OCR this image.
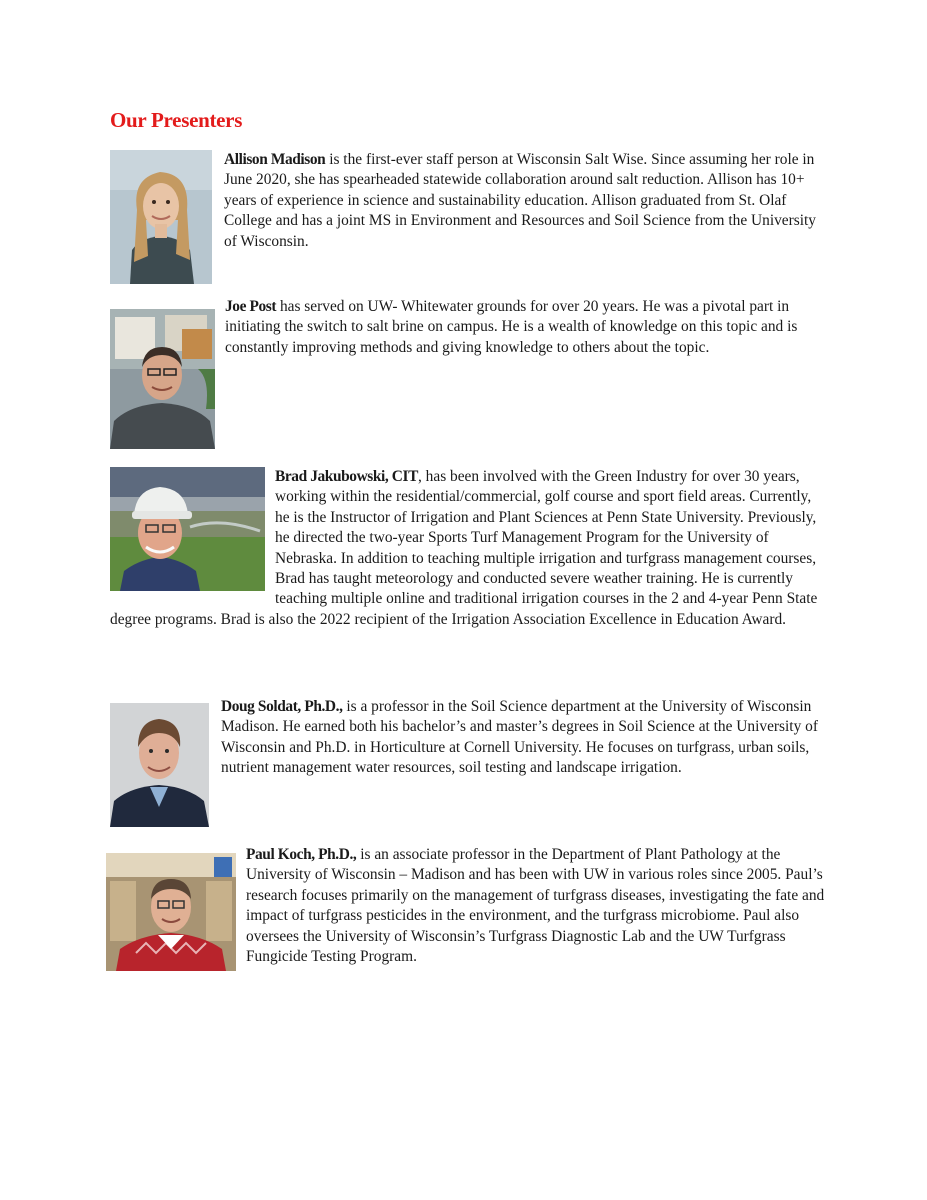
Our Presenters
Allison Madison is the first-ever staff person at Wisconsin Salt Wise. Since assuming her role in June 2020, she has spearheaded statewide collaboration around salt reduction. Allison has 10+ years of experience in science and sustainability education. Allison graduated from St. Olaf College and has a joint MS in Environment and Resources and Soil Science from the University of Wisconsin.
Joe Post has served on UW- Whitewater grounds for over 20 years. He was a pivotal part in initiating the switch to salt brine on campus. He is a wealth of knowledge on this topic and is constantly improving methods and giving knowledge to others about the topic.
Brad Jakubowski, CIT, has been involved with the Green Industry for over 30 years, working within the residential/commercial, golf course and sport field areas. Currently, he is the Instructor of Irrigation and Plant Sciences at Penn State University. Previously, he directed the two-year Sports Turf Management Program for the University of Nebraska. In addition to teaching multiple irrigation and turfgrass management courses, Brad has taught meteorology and conducted severe weather training. He is currently teaching multiple online and traditional irrigation courses in the 2 and 4-year Penn State degree programs. Brad is also the 2022 recipient of the Irrigation Association Excellence in Education Award.
Doug Soldat, Ph.D., is a professor in the Soil Science department at the University of Wisconsin Madison. He earned both his bachelor’s and master’s degrees in Soil Science at the University of Wisconsin and Ph.D. in Horticulture at Cornell University. He focuses on turfgrass, urban soils, nutrient management water resources, soil testing and landscape irrigation.
Paul Koch, Ph.D., is an associate professor in the Department of Plant Pathology at the University of Wisconsin – Madison and has been with UW in various roles since 2005. Paul’s research focuses primarily on the management of turfgrass diseases, investigating the fate and impact of turfgrass pesticides in the environment, and the turfgrass microbiome. Paul also oversees the University of Wisconsin’s Turfgrass Diagnostic Lab and the UW Turfgrass Fungicide Testing Program.
